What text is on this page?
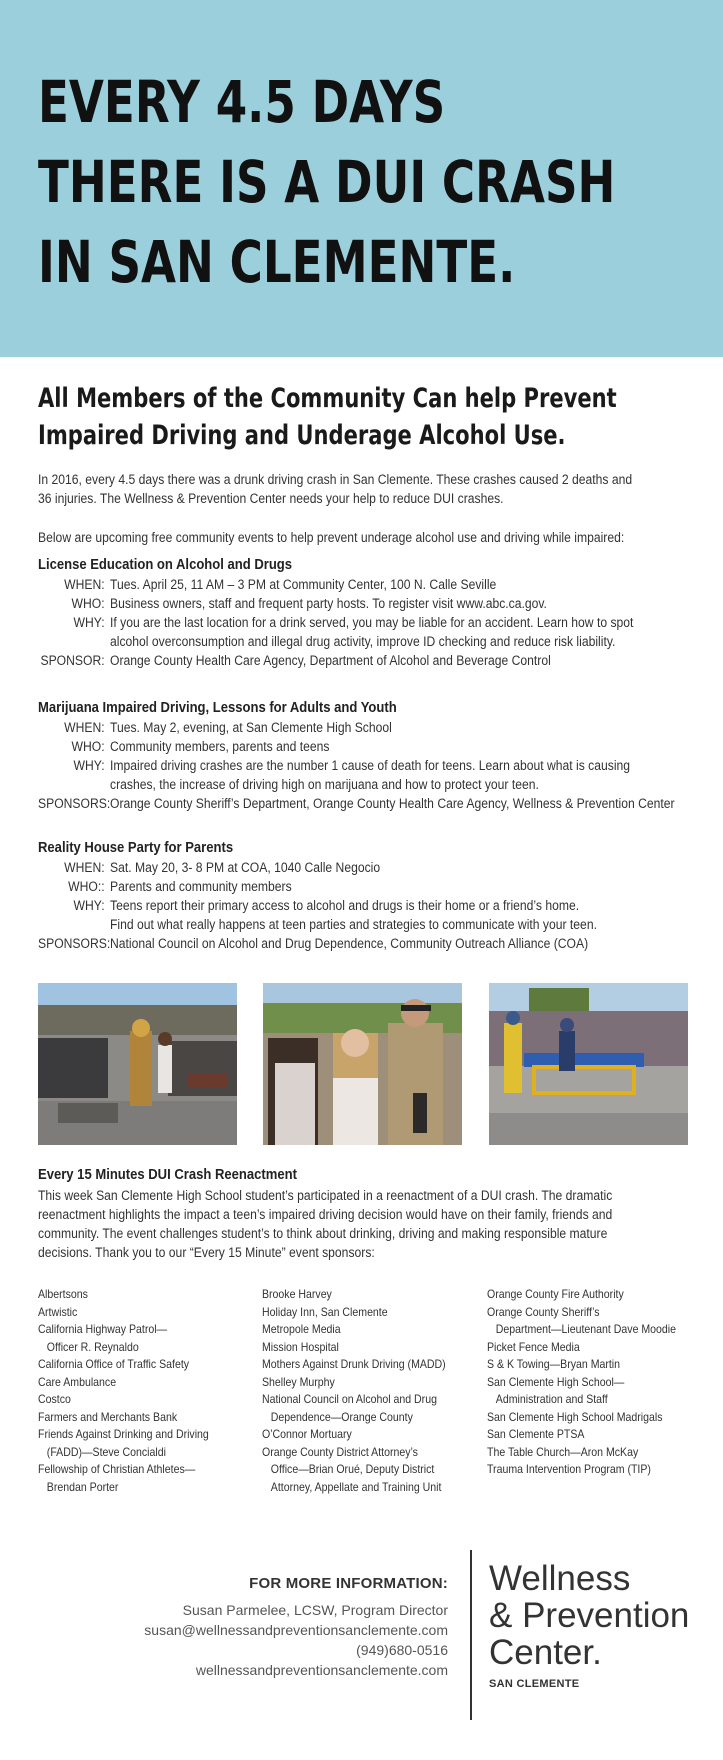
EVERY 4.5 DAYS
THERE IS A DUI CRASH
IN SAN CLEMENTE.
All Members of the Community Can help Prevent
Impaired Driving and Underage Alcohol Use.
In 2016, every 4.5 days there was a drunk driving crash in San Clemente. These crashes caused 2 deaths and
36 injuries. The Wellness & Prevention Center needs your help to reduce DUI crashes.
Below are upcoming free community events to help prevent underage alcohol use and driving while impaired:
License Education on Alcohol and Drugs
WHEN: Tues. April 25, 11 AM – 3 PM at Community Center, 100 N. Calle Seville
WHO: Business owners, staff and frequent party hosts. To register visit www.abc.ca.gov.
WHY: If you are the last location for a drink served, you may be liable for an accident. Learn how to spot
alcohol overconsumption and illegal drug activity, improve ID checking and reduce risk liability.
SPONSOR: Orange County Health Care Agency, Department of Alcohol and Beverage Control
Marijuana Impaired Driving, Lessons for Adults and Youth
WHEN: Tues. May 2, evening, at San Clemente High School
WHO: Community members, parents and teens
WHY: Impaired driving crashes are the number 1 cause of death for teens. Learn about what is causing
crashes, the increase of driving high on marijuana and how to protect your teen.
SPONSORS: Orange County Sheriff’s Department, Orange County Health Care Agency, Wellness & Prevention Center
Reality House Party for Parents
WHEN: Sat. May 20, 3- 8 PM at COA, 1040 Calle Negocio
WHO:: Parents and community members
WHY: Teens report their primary access to alcohol and drugs is their home or a friend’s home.
Find out what really happens at teen parties and strategies to communicate with your teen.
SPONSORS: National Council on Alcohol and Drug Dependence, Community Outreach Alliance (COA)
Every 15 Minutes DUI Crash Reenactment
This week San Clemente High School student’s participated in a reenactment of a DUI crash. The dramatic
reenactment highlights the impact a teen’s impaired driving decision would have on their family, friends and
community. The event challenges student’s to think about drinking, driving and making responsible mature
decisions. Thank you to our “Every 15 Minute” event sponsors:
Albertsons
Artwistic
California Highway Patrol—
Officer R. Reynaldo
California Office of Traffic Safety
Care Ambulance
Costco
Farmers and Merchants Bank
Friends Against Drinking and Driving
(FADD)—Steve Concialdi
Fellowship of Christian Athletes—
Brendan Porter
Brooke Harvey
Holiday Inn, San Clemente
Metropole Media
Mission Hospital
Mothers Against Drunk Driving (MADD)
Shelley Murphy
National Council on Alcohol and Drug
Dependence—Orange County
O’Connor Mortuary
Orange County District Attorney’s
Office—Brian Orué, Deputy District
Attorney, Appellate and Training Unit
Orange County Fire Authority
Orange County Sheriff’s
Department—Lieutenant Dave Moodie
Picket Fence Media
S & K Towing—Bryan Martin
San Clemente High School—
Administration and Staff
San Clemente High School Madrigals
San Clemente PTSA
The Table Church—Aron McKay
Trauma Intervention Program (TIP)
FOR MORE INFORMATION:
Susan Parmelee, LCSW, Program Director
susan@wellnessandpreventionsanclemente.com
(949)680-0516
wellnessandpreventionsanclemente.com
Wellness
& Prevention
Center.
SAN CLEMENTE
